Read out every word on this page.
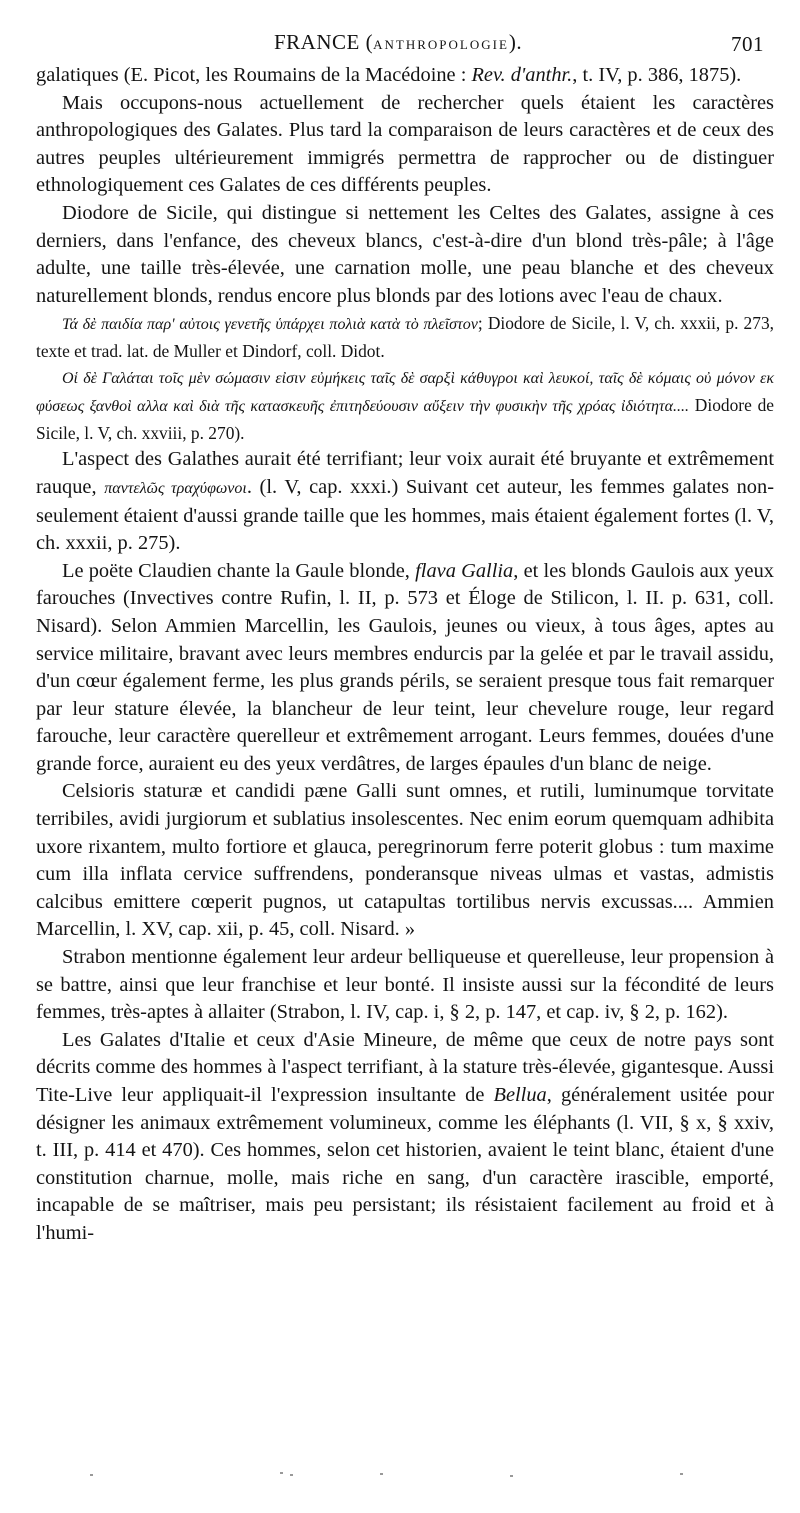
FRANCE (ANTHROPOLOGIE).	701

galatiques (E. Picot, les Roumains de la Macédoine : Rev. d'anthr., t. IV, p. 386, 1875).

Mais occupons-nous actuellement de rechercher quels étaient les caractères anthropologiques des Galates. Plus tard la comparaison de leurs caractères et de ceux des autres peuples ultérieurement immigrés permettra de rapprocher ou de distinguer ethnologiquement ces Galates de ces différents peuples.

Diodore de Sicile, qui distingue si nettement les Celtes des Galates, assigne à ces derniers, dans l'enfance, des cheveux blancs, c'est-à-dire d'un blond très-pâle; à l'âge adulte, une taille très-élevée, une carnation molle, une peau blanche et des cheveux naturellement blonds, rendus encore plus blonds par des lotions avec l'eau de chaux.

Τά δὲ παιδία παρ' αὐτοις γενετῆς ὑπάρχει πολιὰ κατὰ τὸ πλεῖστον; Diodore de Sicile, l. V, ch. xxxii, p. 273, texte et trad. lat. de Muller et Dindorf, coll. Didot.

Οἱ δὲ Γαλάται τοῖς μὲν σώμασιν εἰσιν εὐμήκεις ταῖς δὲ σαρξὶ κάθυγροι καὶ λευκοί, ταῖς δὲ κόμαις οὐ μόνον εκ φύσεως ξανθοὶ αλλα καὶ διὰ τῆς κατασκευῆς ἐπιτηδεύουσιν αὔξειν τὴν φυσικὴν τῆς χρόας ἰδιότητα.... Diodore de Sicile, l. V, ch. xxviii, p. 270).

L'aspect des Galathes aurait été terrifiant; leur voix aurait été bruyante et extrêmement rauque, παντελῶς τραχύφωνοι. (l. V, cap. xxxi.) Suivant cet auteur, les femmes galates non-seulement étaient d'aussi grande taille que les hommes, mais étaient également fortes (l. V, ch. xxxii, p. 275).

Le poëte Claudien chante la Gaule blonde, flava Gallia, et les blonds Gaulois aux yeux farouches (Invectives contre Rufin, l. II, p. 573 et Éloge de Stilicon, l. II. p. 631, coll. Nisard). Selon Ammien Marcellin, les Gaulois, jeunes ou vieux, à tous âges, aptes au service militaire, bravant avec leurs membres endurcis par la gelée et par le travail assidu, d'un cœur également ferme, les plus grands périls, se seraient presque tous fait remarquer par leur stature élevée, la blancheur de leur teint, leur chevelure rouge, leur regard farouche, leur caractère querelleur et extrêmement arrogant. Leurs femmes, douées d'une grande force, auraient eu des yeux verdâtres, de larges épaules d'un blanc de neige.

Celsioris staturæ et candidi pæne Galli sunt omnes, et rutili, luminumque torvitate terribiles, avidi jurgiorum et sublatius insolescentes. Nec enim eorum quemquam adhibita uxore rixantem, multo fortiore et glauca, peregrinorum ferre poterit globus : tum maxime cum illa inflata cervice suffrendens, ponderansque niveas ulmas et vastas, admistis calcibus emittere cœperit pugnos, ut catapultas tortilibus nervis excussas.... Ammien Marcellin, l. XV, cap. xii, p. 45, coll. Nisard. »

Strabon mentionne également leur ardeur belliqueuse et querelleuse, leur propension à se battre, ainsi que leur franchise et leur bonté. Il insiste aussi sur la fécondité de leurs femmes, très-aptes à allaiter (Strabon, l. IV, cap. i, § 2, p. 147, et cap. iv, § 2, p. 162).

Les Galates d'Italie et ceux d'Asie Mineure, de même que ceux de notre pays sont décrits comme des hommes à l'aspect terrifiant, à la stature très-élevée, gigantesque. Aussi Tite-Live leur appliquait-il l'expression insultante de Bellua, généralement usitée pour désigner les animaux extrêmement volumineux, comme les éléphants (l. VII, § x, § xxiv, t. III, p. 414 et 470). Ces hommes, selon cet historien, avaient le teint blanc, étaient d'une constitution charnue, molle, mais riche en sang, d'un caractère irascible, emporté, incapable de se maîtriser, mais peu persistant; ils résistaient facilement au froid et à l'humi-
